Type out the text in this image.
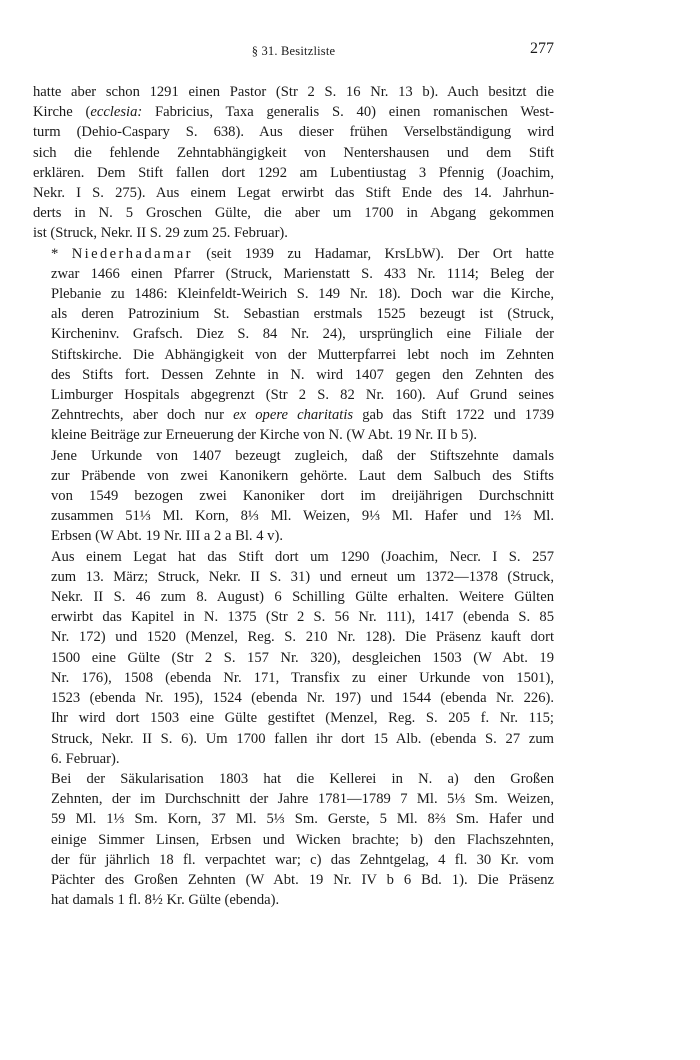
§ 31. Besitzliste	277

hatte aber schon 1291 einen Pastor (Str 2 S. 16 Nr. 13 b). Auch besitzt die
Kirche (ecclesia: Fabricius, Taxa generalis S. 40) einen romanischen West-
turm (Dehio-Caspary S. 638). Aus dieser frühen Verselbständigung wird
sich die fehlende Zehntabhängigkeit von Nentershausen und dem Stift
erklären. Dem Stift fallen dort 1292 am Lubentiustag 3 Pfennig (Joachim,
Nekr. I S. 275). Aus einem Legat erwirbt das Stift Ende des 14. Jahrhun-
derts in N. 5 Groschen Gülte, die aber um 1700 in Abgang gekommen
ist (Struck, Nekr. II S. 29 zum 25. Februar).

* Niederhadamar (seit 1939 zu Hadamar, KrsLbW). Der Ort hatte
zwar 1466 einen Pfarrer (Struck, Marienstatt S. 433 Nr. 1114; Beleg der
Plebanie zu 1486: Kleinfeldt-Weirich S. 149 Nr. 18). Doch war die Kirche,
als deren Patrozinium St. Sebastian erstmals 1525 bezeugt ist (Struck,
Kircheninv. Grafsch. Diez S. 84 Nr. 24), ursprünglich eine Filiale der
Stiftskirche. Die Abhängigkeit von der Mutterpfarrei lebt noch im Zehnten
des Stifts fort. Dessen Zehnte in N. wird 1407 gegen den Zehnten des
Limburger Hospitals abgegrenzt (Str 2 S. 82 Nr. 160). Auf Grund seines
Zehntrechts, aber doch nur ex opere charitatis gab das Stift 1722 und 1739
kleine Beiträge zur Erneuerung der Kirche von N. (W Abt. 19 Nr. II b 5).

Jene Urkunde von 1407 bezeugt zugleich, daß der Stiftszehnte damals
zur Präbende von zwei Kanonikern gehörte. Laut dem Salbuch des Stifts
von 1549 bezogen zwei Kanoniker dort im dreijährigen Durchschnitt
zusammen 51⅓ Ml. Korn, 8⅓ Ml. Weizen, 9⅓ Ml. Hafer und 1⅔ Ml.
Erbsen (W Abt. 19 Nr. III a 2 a Bl. 4 v).

Aus einem Legat hat das Stift dort um 1290 (Joachim, Necr. I S. 257
zum 13. März; Struck, Nekr. II S. 31) und erneut um 1372—1378 (Struck,
Nekr. II S. 46 zum 8. August) 6 Schilling Gülte erhalten. Weitere Gülten
erwirbt das Kapitel in N. 1375 (Str 2 S. 56 Nr. 111), 1417 (ebenda S. 85
Nr. 172) und 1520 (Menzel, Reg. S. 210 Nr. 128). Die Präsenz kauft dort
1500 eine Gülte (Str 2 S. 157 Nr. 320), desgleichen 1503 (W Abt. 19
Nr. 176), 1508 (ebenda Nr. 171, Transfix zu einer Urkunde von 1501),
1523 (ebenda Nr. 195), 1524 (ebenda Nr. 197) und 1544 (ebenda Nr. 226).
Ihr wird dort 1503 eine Gülte gestiftet (Menzel, Reg. S. 205 f. Nr. 115;
Struck, Nekr. II S. 6). Um 1700 fallen ihr dort 15 Alb. (ebenda S. 27 zum
6. Februar).

Bei der Säkularisation 1803 hat die Kellerei in N. a) den Großen
Zehnten, der im Durchschnitt der Jahre 1781—1789 7 Ml. 5⅓ Sm. Weizen,
59 Ml. 1⅓ Sm. Korn, 37 Ml. 5⅓ Sm. Gerste, 5 Ml. 8⅔ Sm. Hafer und
einige Simmer Linsen, Erbsen und Wicken brachte; b) den Flachszehnten,
der für jährlich 18 fl. verpachtet war; c) das Zehntgelag, 4 fl. 30 Kr. vom
Pächter des Großen Zehnten (W Abt. 19 Nr. IV b 6 Bd. 1). Die Präsenz
hat damals 1 fl. 8½ Kr. Gülte (ebenda).
